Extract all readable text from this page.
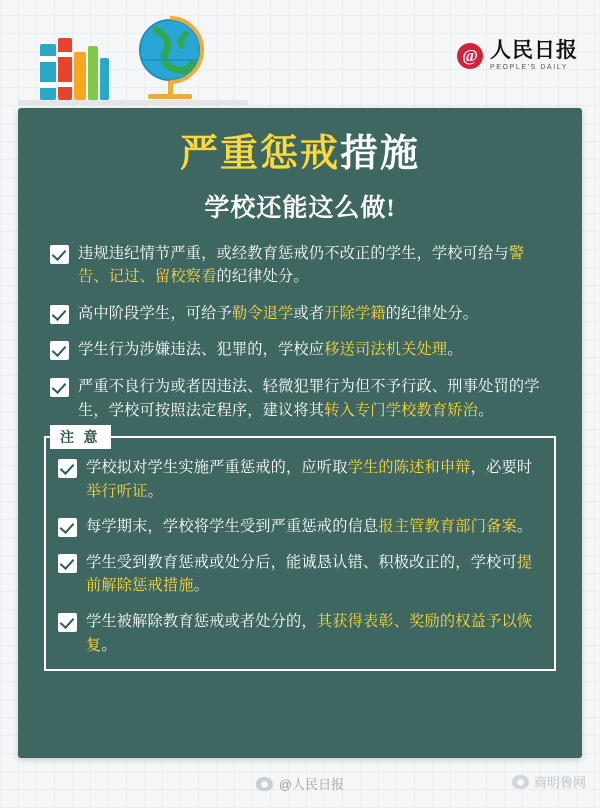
@ 人民日报
PEOPLE'S DAILY
严重惩戒措施
学校还能这么做!
违规违纪情节严重，或经教育惩戒仍不改正的学生，学校可给与警告、记过、留校察看的纪律处分。
高中阶段学生，可给予勒令退学或者开除学籍的纪律处分。
学生行为涉嫌违法、犯罪的，学校应移送司法机关处理。
严重不良行为或者因违法、轻微犯罪行为但不予行政、刑事处罚的学生，学校可按照法定程序，建议将其转入专门学校教育矫治。
注 意
学校拟对学生实施严重惩戒的，应听取学生的陈述和申辩，必要时举行听证。
每学期末，学校将学生受到严重惩戒的信息报主管教育部门备案。
学生受到教育惩戒或处分后，能诚恳认错、积极改正的，学校可提前解除惩戒措施。
学生被解除教育惩戒或者处分的，其获得表彰、奖励的权益予以恢复。
@人民日报	商明鲁网
